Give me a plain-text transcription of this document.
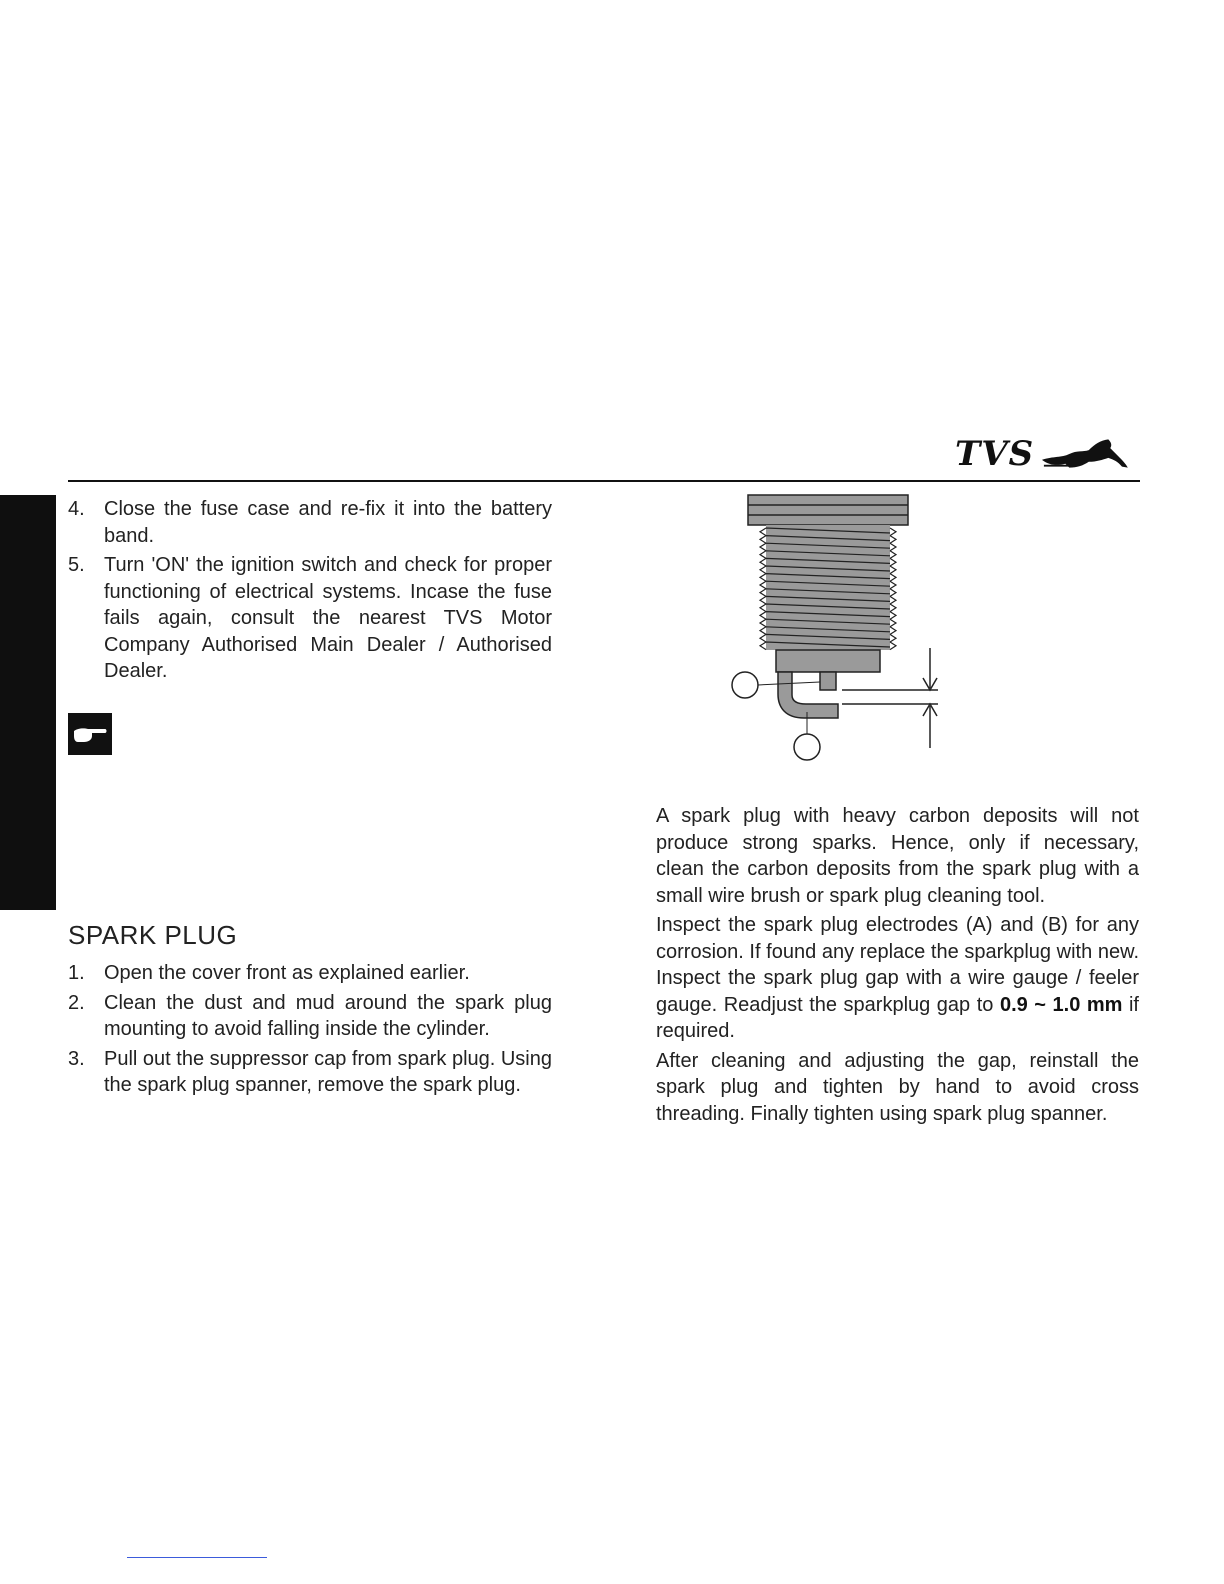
TVS
4. Close the fuse case and re-fix it into the battery band.
5. Turn 'ON' the ignition switch and check for proper functioning of electrical systems. Incase the fuse fails again, consult the nearest TVS Motor Company Authorised Main Dealer / Authorised Dealer.
SPARK PLUG
1. Open the cover front as explained earlier.
2. Clean the dust and mud around the spark plug mounting to avoid falling inside the cylinder.
3. Pull out the suppressor cap from spark plug. Using the spark plug spanner, remove the spark plug.

A spark plug with heavy carbon deposits will not produce strong sparks. Hence, only if necessary, clean the carbon deposits from the spark plug with a small wire brush or spark plug cleaning tool.

Inspect the spark plug electrodes (A) and (B) for any corrosion. If found any replace the sparkplug with new. Inspect the spark plug gap with a wire gauge / feeler gauge. Readjust the sparkplug gap to 0.9 ~ 1.0 mm if required.

After cleaning and adjusting the gap, reinstall the spark plug and tighten by hand to avoid cross threading. Finally tighten using spark plug spanner.
